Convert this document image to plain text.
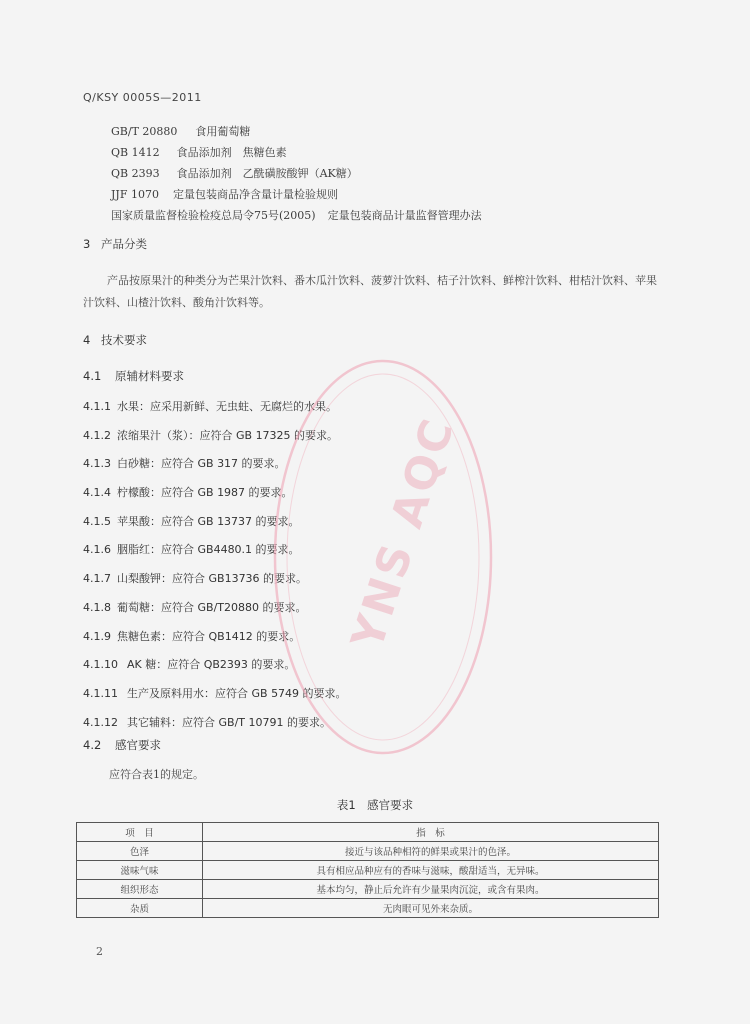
Q/KSY 0005S—2011
GB/T 20880 食用葡萄糖
QB 1412 食品添加剂　焦糖色素
QB 2393 食品添加剂　乙酰磺胺酸钾（AK糖）
JJF 1070 定量包装商品净含量计量检验规则
国家质量监督检验检疫总局令75号(2005) 定量包装商品计量监督管理办法
3 产品分类
产品按原果汁的种类分为芒果汁饮料、番木瓜汁饮料、菠萝汁饮料、桔子汁饮料、鲜榨汁饮料、柑桔汁饮料、苹果汁饮料、山楂汁饮料、酸角汁饮料等。
4 技术要求
4.1 原辅材料要求
4.1.1 水果：应采用新鲜、无虫蛀、无腐烂的水果。
4.1.2 浓缩果汁（浆）：应符合 GB 17325 的要求。
4.1.3 白砂糖：应符合 GB 317 的要求。
4.1.4 柠檬酸：应符合 GB 1987 的要求。
4.1.5 苹果酸：应符合 GB 13737 的要求。
4.1.6 胭脂红：应符合 GB4480.1 的要求。
4.1.7 山梨酸钾：应符合 GB13736 的要求。
4.1.8 葡萄糖：应符合 GB/T20880 的要求。
4.1.9 焦糖色素：应符合 QB1412 的要求。
4.1.10 AK 糖：应符合 QB2393 的要求。
4.1.11 生产及原料用水：应符合 GB 5749 的要求。
4.1.12 其它辅料：应符合 GB/T 10791 的要求。
4.2 感官要求
应符合表1的规定。
表1　感官要求
项　目	指　标
色泽	接近与该品种相符的鲜果或果汁的色泽。
滋味气味	具有相应品种应有的香味与滋味，酸甜适当，无异味。
组织形态	基本均匀，静止后允许有少量果肉沉淀，或含有果肉。
杂质	无肉眼可见外来杂质。
2
YNS AQC
